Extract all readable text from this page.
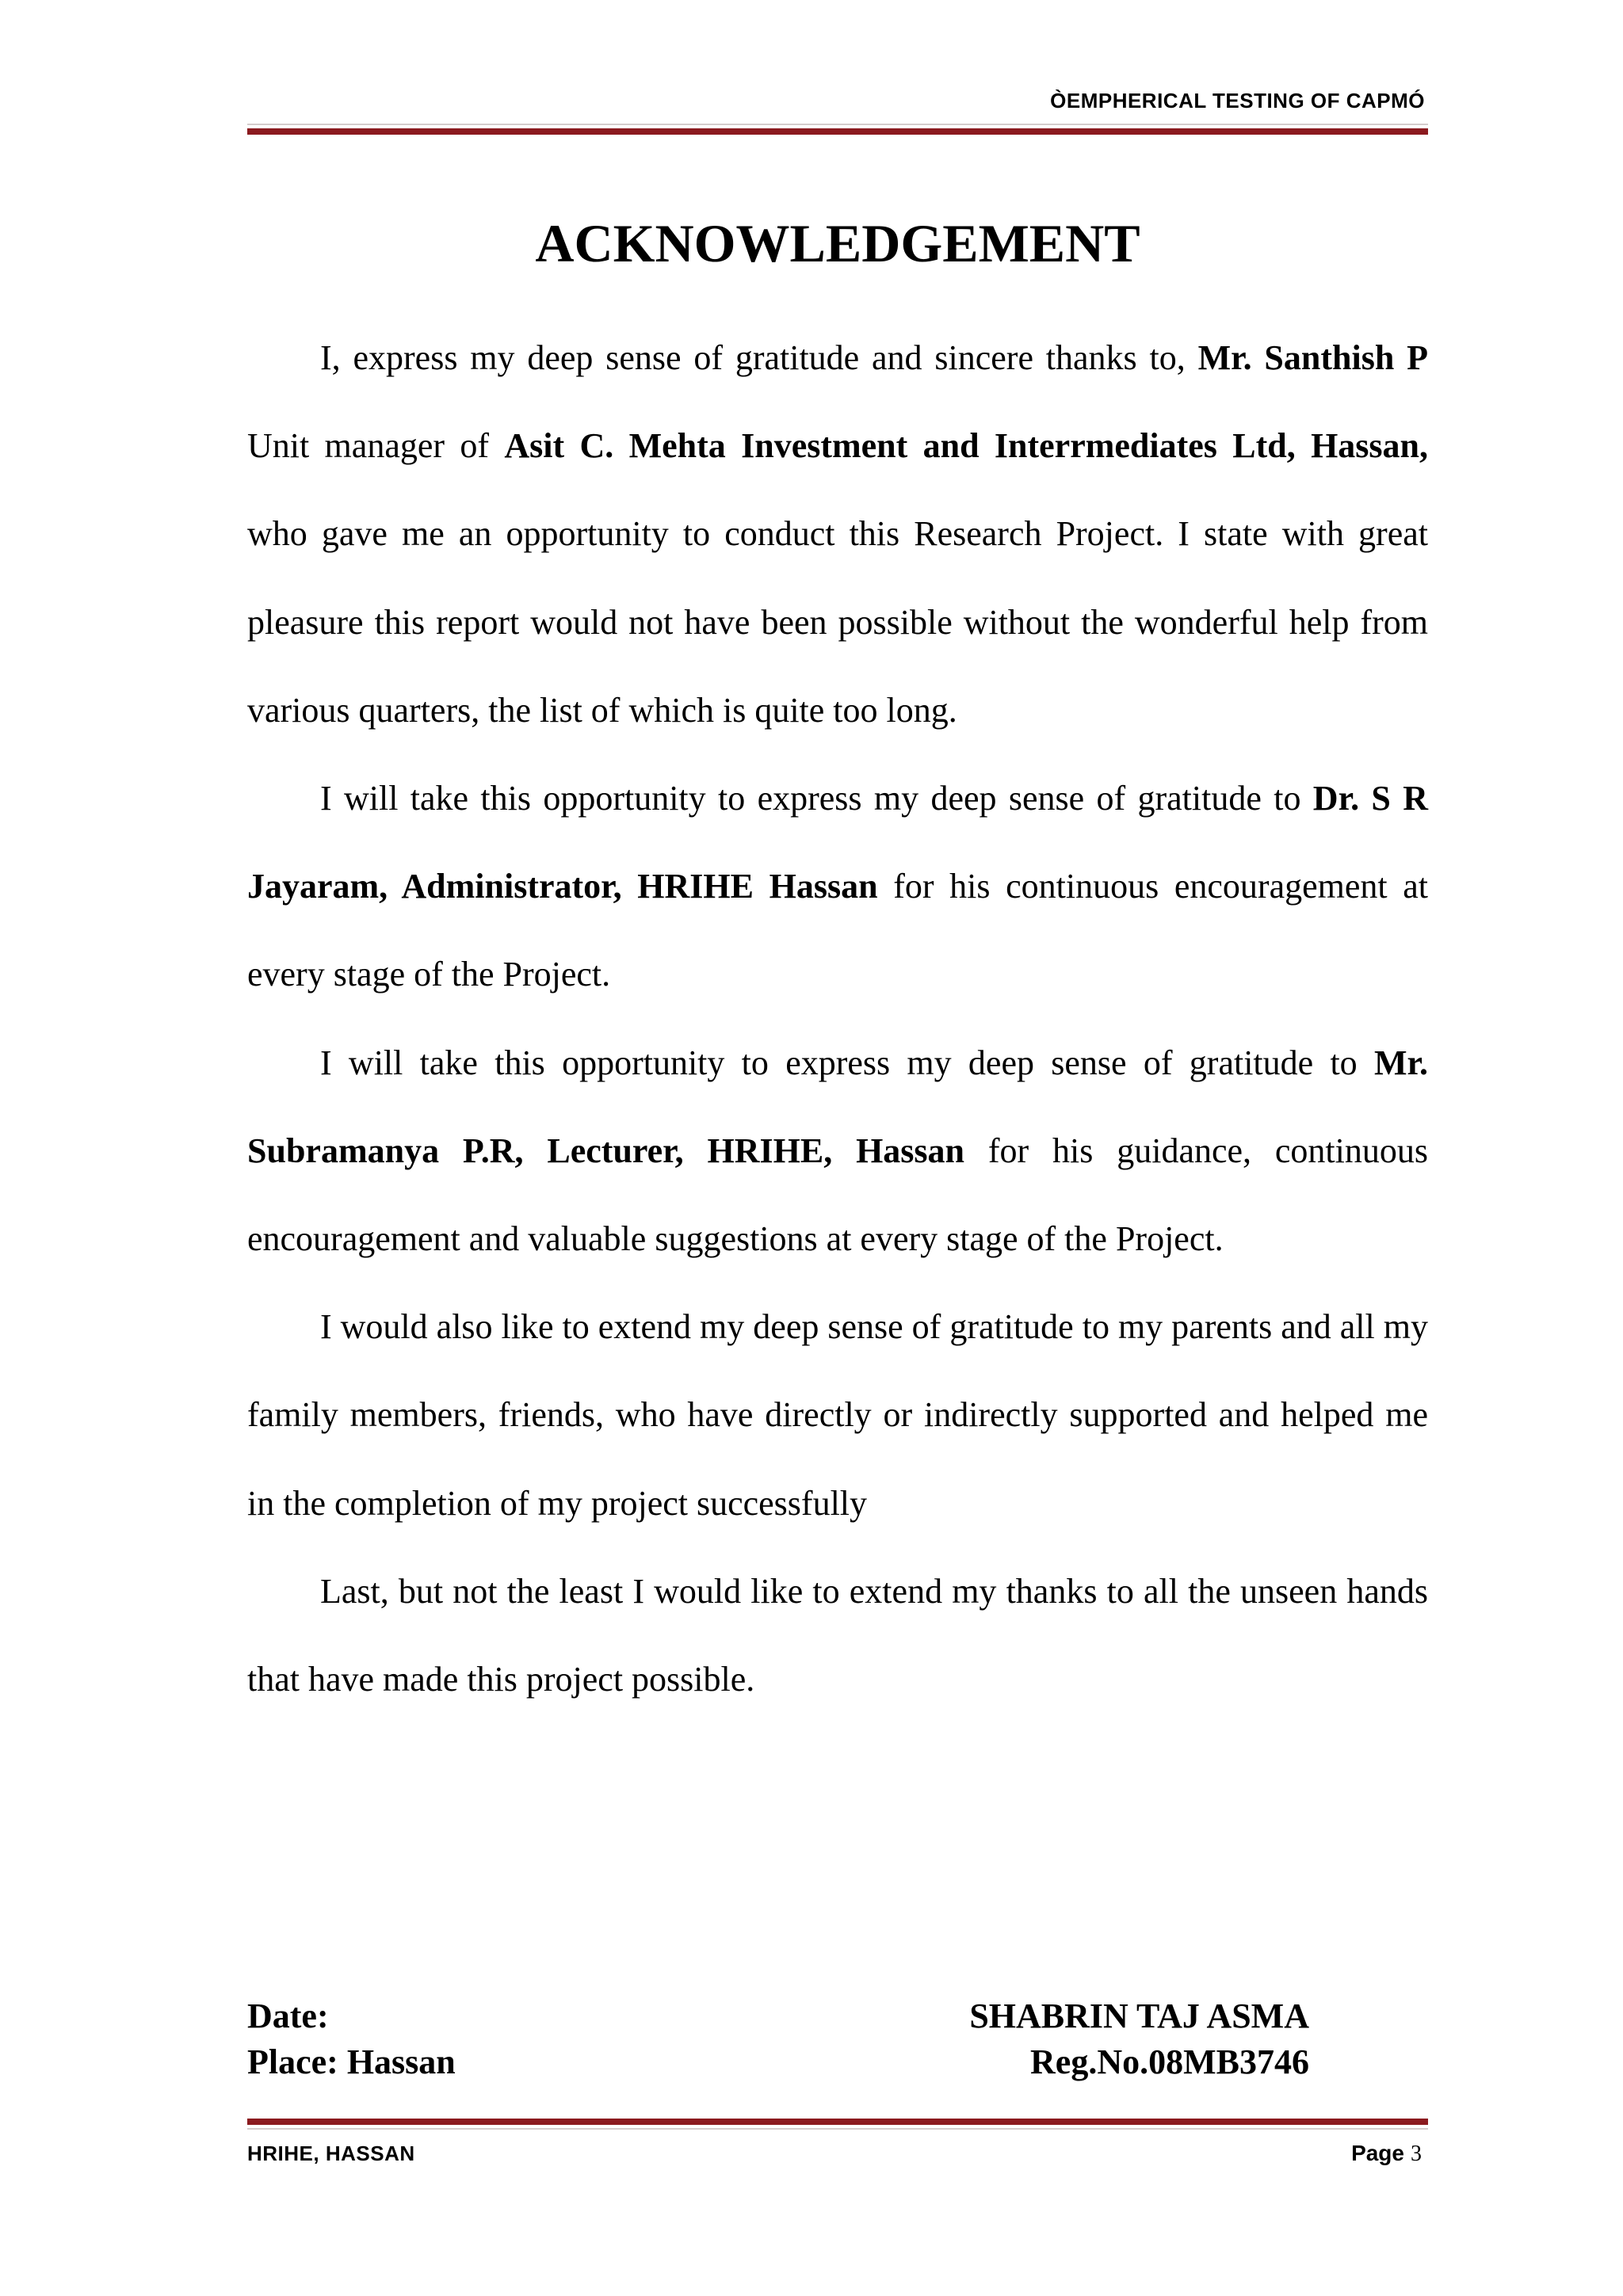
ÒEMPHERICAL TESTING OF CAPMÓ
ACKNOWLEDGEMENT

I, express my deep sense of gratitude and sincere thanks to, Mr. Santhish P Unit manager of Asit C. Mehta Investment and Interrmediates Ltd, Hassan, who gave me an opportunity to conduct this Research Project. I state with great pleasure this report would not have been possible without the wonderful help from various quarters, the list of which is quite too long.

I will take this opportunity to express my deep sense of gratitude to Dr. S R Jayaram, Administrator, HRIHE Hassan for his continuous encouragement at every stage of the Project.

I will take this opportunity to express my deep sense of gratitude to Mr. Subramanya P.R, Lecturer, HRIHE, Hassan for his guidance, continuous encouragement and valuable suggestions at every stage of the Project.

I would also like to extend my deep sense of gratitude to my parents and all my family members, friends, who have directly or indirectly supported and helped me in the completion of my project successfully

Last, but not the least I would like to extend my thanks to all the unseen hands that have made this project possible.

Date:	SHABRIN TAJ ASMA
Place: Hassan	Reg.No.08MB3746
HRIHE, HASSAN	Page 3
